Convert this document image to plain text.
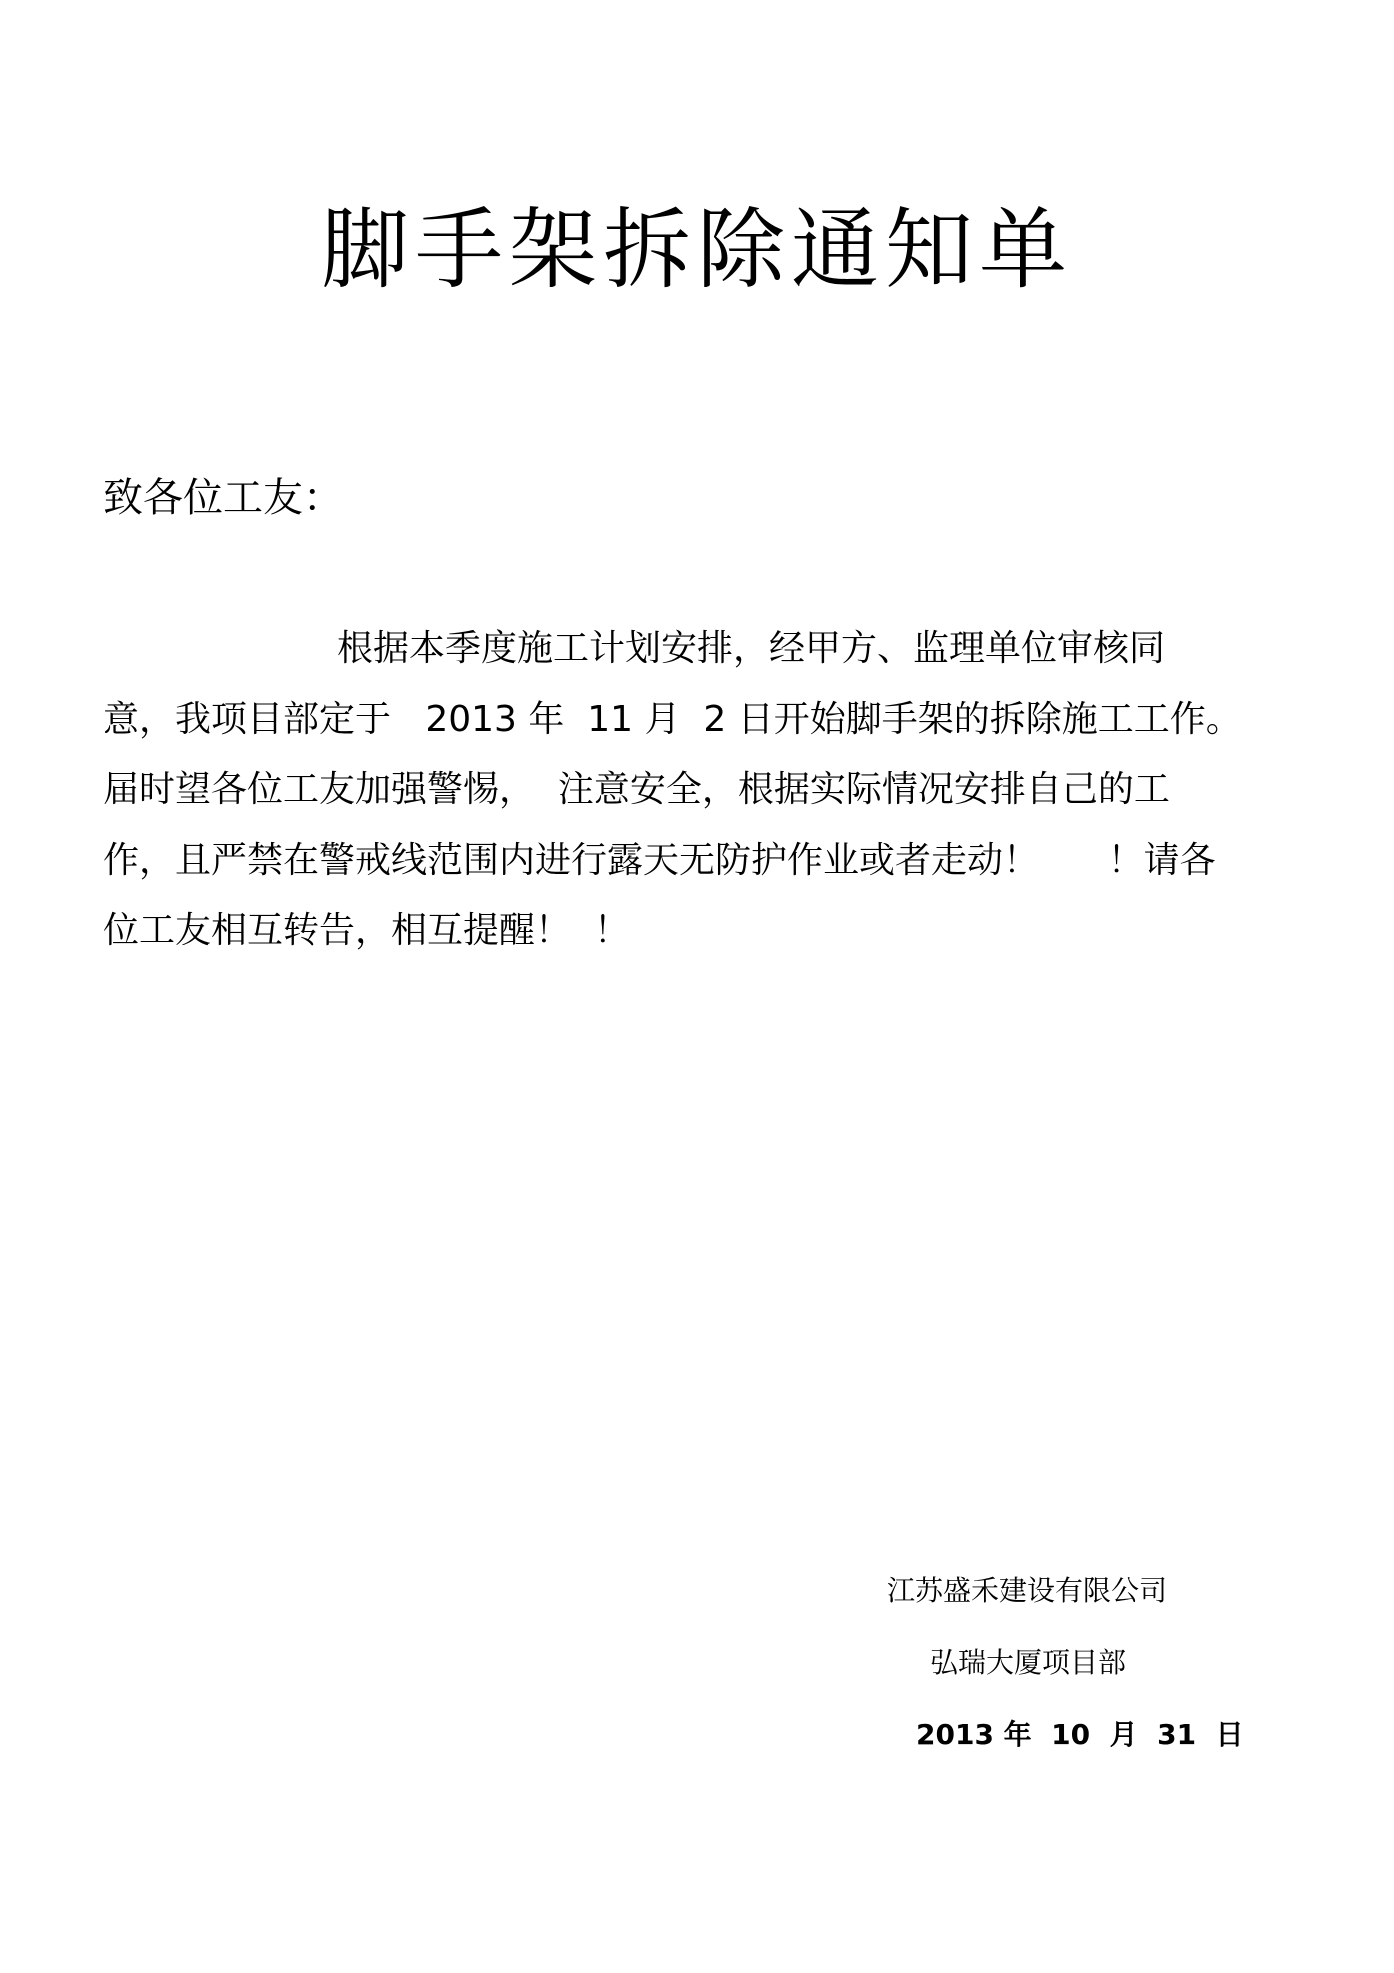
脚手架拆除通知单

致各位工友：

根据本季度施工计划安排，经甲方、监理单位审核同

意，我项目部定于   2013 年  11 月  2 日开始脚手架的拆除施工工作。

届时望各位工友加强警惕，  注意安全，根据实际情况安排自己的工

作，且严禁在警戒线范围内进行露天无防护作业或者走动！      ！请各

位工友相互转告，相互提醒！  ！

江苏盛禾建设有限公司

弘瑞大厦项目部

2013 年  10  月  31  日
